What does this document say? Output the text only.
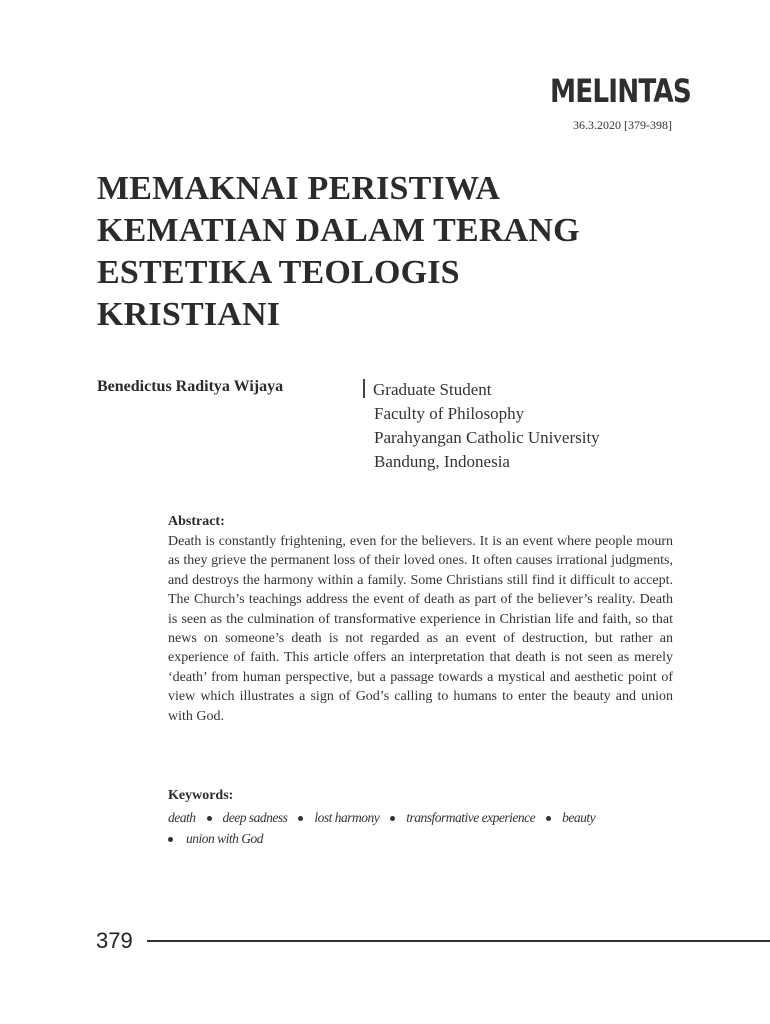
MELINTAS
36.3.2020 [379-398]
MEMAKNAI PERISTIWA
KEMATIAN DALAM TERANG
ESTETIKA TEOLOGIS
KRISTIANI
Benedictus Raditya Wijaya	Graduate Student
Faculty of Philosophy
Parahyangan Catholic University
Bandung, Indonesia
Abstract:

Death is constantly frightening, even for the believers. It is an event where people mourn as they grieve the permanent loss of their loved ones. It often causes irrational judgments, and destroys the harmony within a family. Some Christians still find it difficult to accept. The Church’s teachings address the event of death as part of the believer’s reality. Death is seen as the culmination of transformative experience in Christian life and faith, so that news on someone’s death is not regarded as an event of destruction, but rather an experience of faith. This article offers an interpretation that death is not seen as merely ‘death’ from human perspective, but a passage towards a mystical and aesthetic point of view which illustrates a sign of God’s calling to humans to enter the beauty and union with God.

Keywords:
death deep sadness lost harmony transformative experience beauty
union with God
379
